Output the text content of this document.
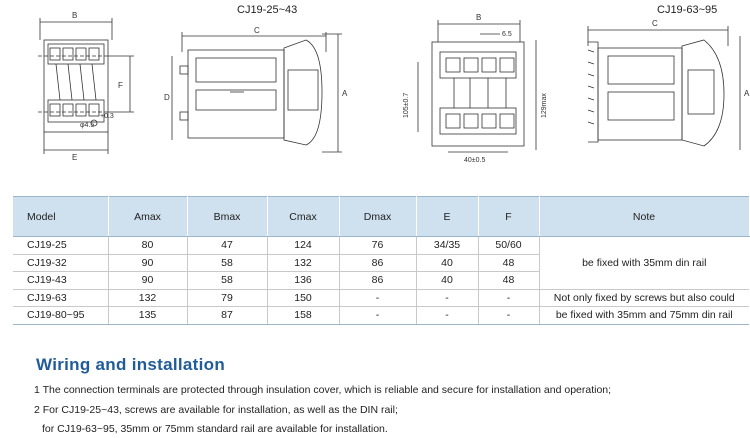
B
F
E
φ4.5
+0.3
C
D	A
B
6.5
105±0.7	129max
40±0.5
C
A
CJ19-25~43	CJ19-63~95
Model	Amax	Bmax	Cmax	Dmax	E	F	Note
CJ19-25	80	47	124	76	34/35	50/60	be fixed with 35mm din rail
CJ19-32	90	58	132	86	40	48	
CJ19-43	90	58	136	86	40	48	
CJ19-63	132	79	150	-	-	-	Not only fixed by screws but also could
CJ19-80~95	135	87	158	-	-	-	be fixed with 35mm and 75mm din rail
Wiring and installation
1 The connection terminals are protected through insulation cover, which is reliable and secure for installation and operation;
2 For CJ19-25~43, screws are available for installation, as well as the DIN rail;
for CJ19-63~95, 35mm or 75mm standard rail are available for installation.
